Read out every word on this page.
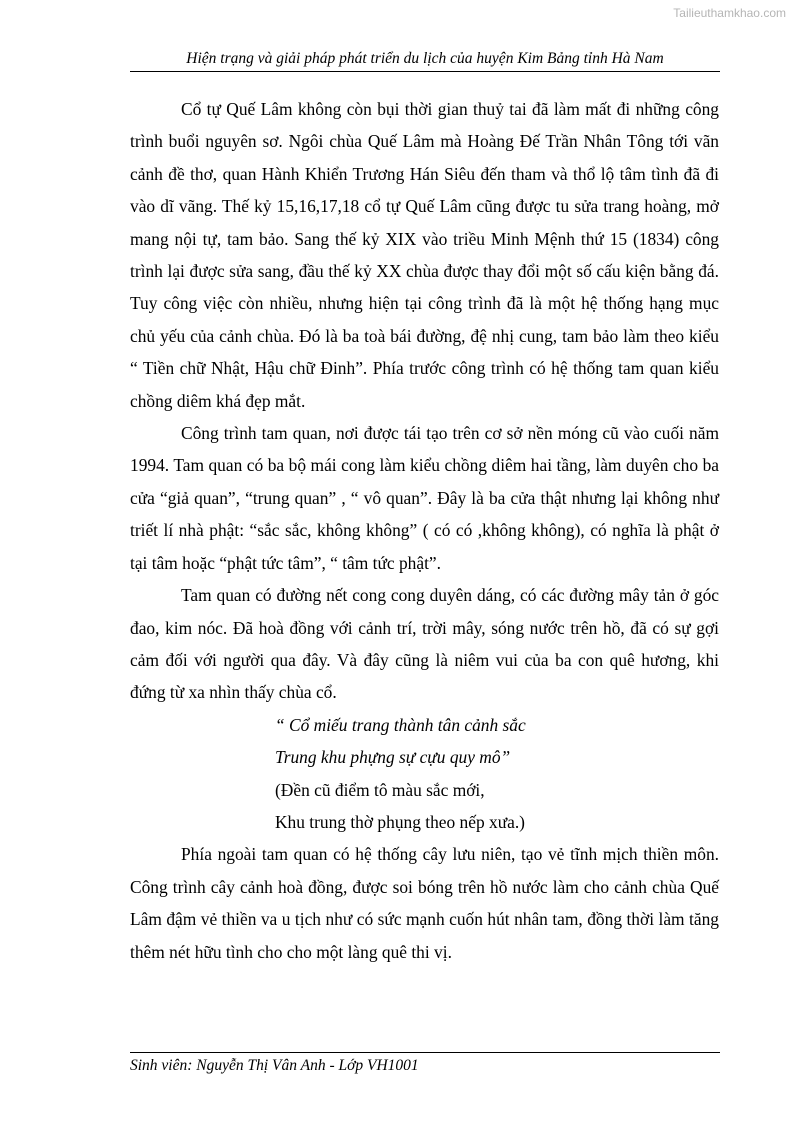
Tailieuthamkhao.com
Hiện trạng và giải pháp phát triển du lịch của huyện Kim Bảng tỉnh Hà Nam

Cổ tự Quế Lâm không còn bụi thời gian thuỷ tai đã làm mất đi những công trình buổi nguyên sơ. Ngôi chùa Quế Lâm mà Hoàng Đế Trần Nhân Tông tới vãn cảnh đề thơ, quan Hành Khiển Trương Hán Siêu đến tham và thổ lộ tâm tình đã đi vào dĩ vãng. Thế kỷ 15,16,17,18 cổ tự Quế Lâm cũng được tu sửa trang hoàng, mở mang nội tự, tam bảo. Sang thế kỷ XIX vào triều Minh Mệnh thứ 15 (1834) công trình lại được sửa sang, đầu thế kỷ XX chùa được thay đổi một số cấu kiện bằng đá. Tuy công việc còn nhiều, nhưng hiện tại công trình đã là một hệ thống hạng mục chủ yếu của cảnh chùa. Đó là ba toà bái đường, đệ nhị cung, tam bảo làm theo kiểu “ Tiền chữ Nhật, Hậu chữ Đinh”. Phía trước công trình có hệ thống tam quan kiểu chồng diêm khá đẹp mắt.

Công trình tam quan, nơi được tái tạo trên cơ sở nền móng cũ vào cuối năm 1994. Tam quan có ba bộ mái cong làm kiểu chồng diêm hai tầng, làm duyên cho ba cửa “giả quan”, “trung quan” , “ vô quan”. Đây là ba cửa thật nhưng lại không như triết lí nhà phật: “sắc sắc, không không” ( có có ,không không), có nghĩa là phật ở tại tâm hoặc “phật tức tâm”, “ tâm tức phật”.

Tam quan có đường nết cong cong duyên dáng, có các đường mây tản ở góc đao, kim nóc. Đã hoà đồng với cảnh trí, trời mây, sóng nước trên hồ, đã có sự gợi cảm đối với người qua đây. Và đây cũng là niêm vui của ba con quê hương, khi đứng từ xa nhìn thấy chùa cổ.

“ Cổ miếu trang thành tân cảnh sắc
Trung khu phựng sự cựu quy mô”
(Đền cũ điểm tô màu sắc mới,
Khu trung thờ phụng theo nếp xưa.)

Phía ngoài tam quan có hệ thống cây lưu niên, tạo vẻ tĩnh mịch thiền môn. Công trình cây cảnh hoà đồng, được soi bóng trên hồ nước làm cho cảnh chùa Quế Lâm đậm vẻ thiền va u tịch như có sức mạnh cuốn hút nhân tam, đồng thời làm tăng thêm nét hữu tình cho cho một làng quê thi vị.

Sinh viên: Nguyễn Thị Vân Anh - Lớp VH1001
